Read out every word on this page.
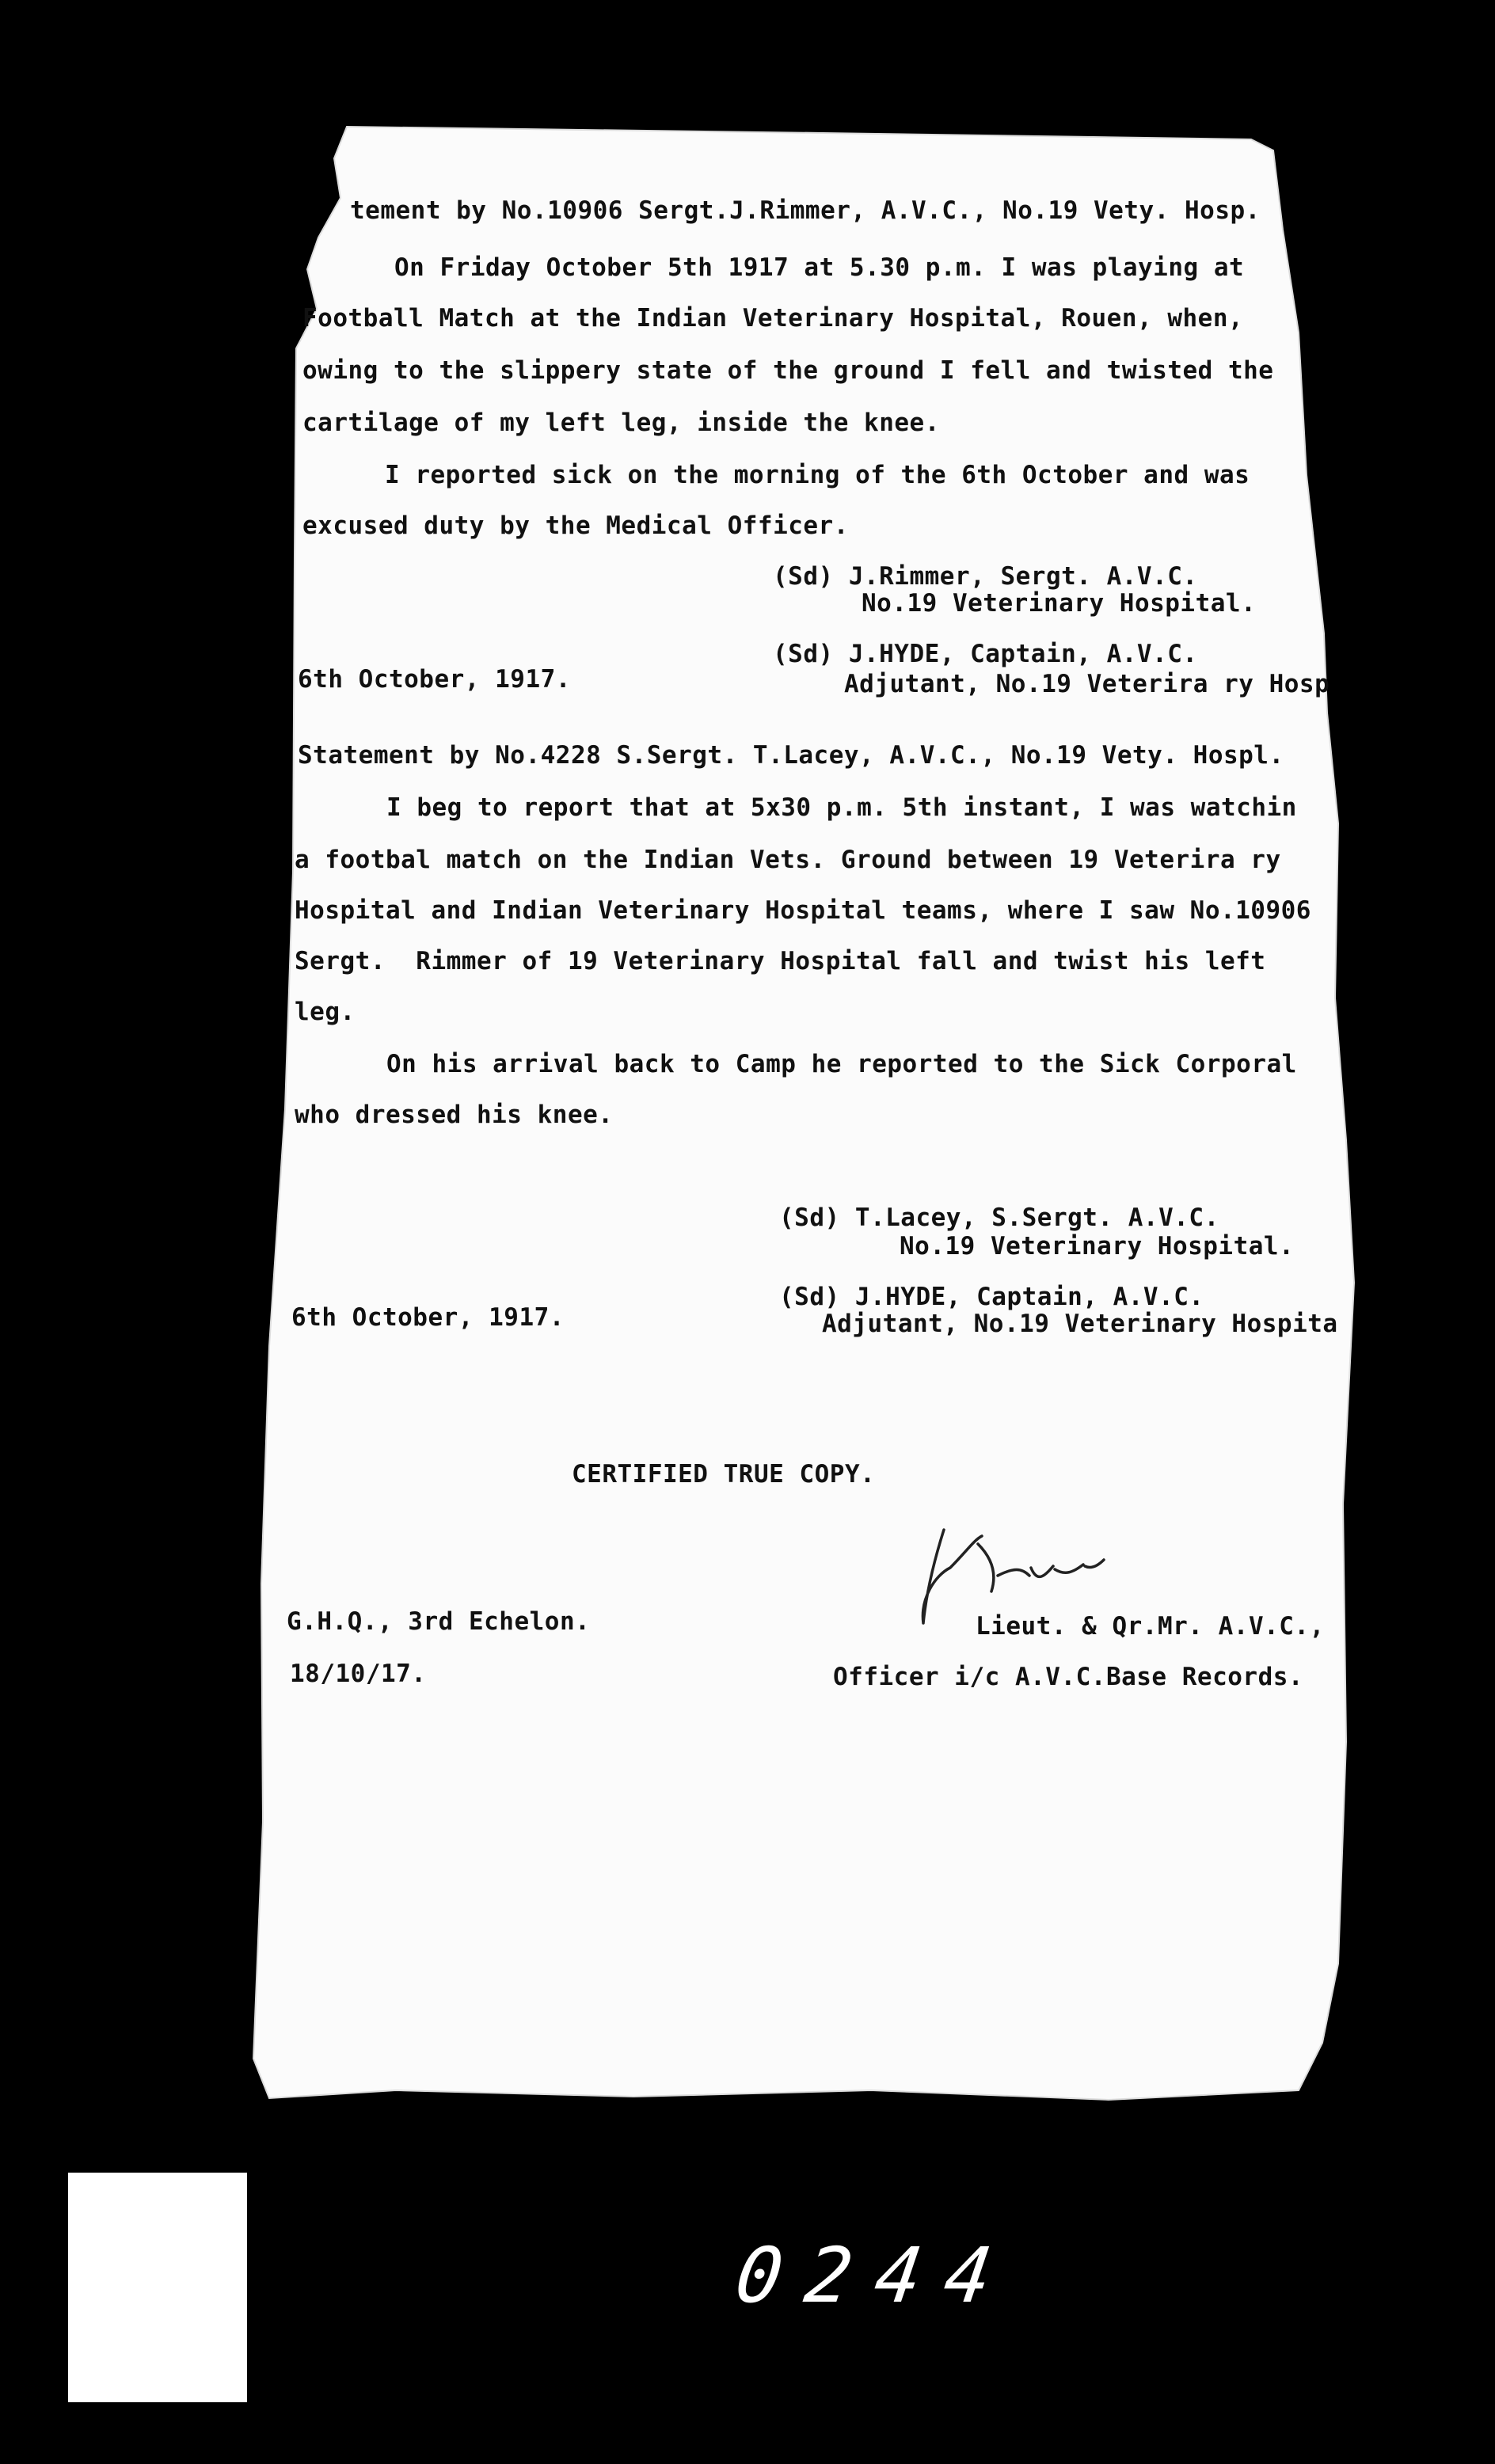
tement by No.10906 Sergt.J.Rimmer, A.V.C., No.19 Vety. Hosp.
On Friday October 5th 1917 at 5.30 p.m. I was playing at
Football Match at the Indian Veterinary Hospital, Rouen, when,
owing to the slippery state of the ground I fell and twisted the
cartilage of my left leg, inside the knee.
I reported sick on the morning of the 6th October and was
excused duty by the Medical Officer.
(Sd) J.Rimmer, Sergt. A.V.C.
No.19 Veterinary Hospital.
(Sd) J.HYDE, Captain, A.V.C.
Adjutant, No.19 Veterira ry Hosp
6th October, 1917.
Statement by No.4228 S.Sergt. T.Lacey, A.V.C., No.19 Vety. Hospl.
I beg to report that at 5x30 p.m. 5th instant, I was watchin
a footbal match on the Indian Vets. Ground between 19 Veterira ry
Hospital and Indian Veterinary Hospital teams, where I saw No.10906
Sergt.  Rimmer of 19 Veterinary Hospital fall and twist his left
leg.
On his arrival back to Camp he reported to the Sick Corporal
who dressed his knee.
(Sd) T.Lacey, S.Sergt. A.V.C.
No.19 Veterinary Hospital.
(Sd) J.HYDE, Captain, A.V.C.
Adjutant, No.19 Veterinary Hospita
6th October, 1917.
CERTIFIED TRUE COPY.
G.H.Q., 3rd Echelon.
18/10/17.
Lieut. & Qr.Mr. A.V.C.,
Officer i/c A.V.C.Base Records.
0244
